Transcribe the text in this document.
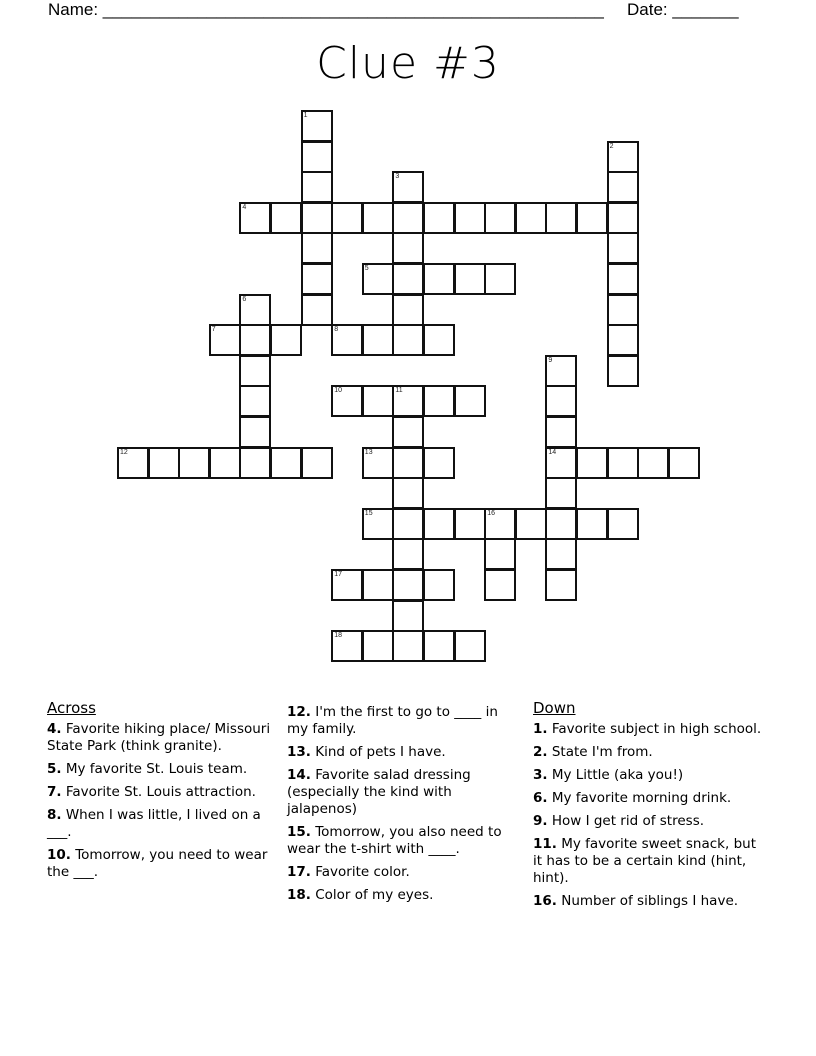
Name: _____________________________________________________ Date: _______
Clue #3
1
2
3
4
5
6
7	8
9
14
10	11
12	13
15	16
17
18
Across
4. Favorite hiking place/ Missouri State Park (think granite).
5. My favorite St. Louis team.
7. Favorite St. Louis attraction.
8. When I was little, I lived on a ___.
10. Tomorrow, you need to wear the ___.
12. I'm the first to go to ____ in my family.
13. Kind of pets I have.
14. Favorite salad dressing (especially the kind with jalapenos)
15. Tomorrow, you also need to wear the t-shirt with ____.
17. Favorite color.
18. Color of my eyes.
Down
1. Favorite subject in high school.
2. State I'm from.
3. My Little (aka you!)
6. My favorite morning drink.
9. How I get rid of stress.
11. My favorite sweet snack, but it has to be a certain kind (hint, hint).
16. Number of siblings I have.
